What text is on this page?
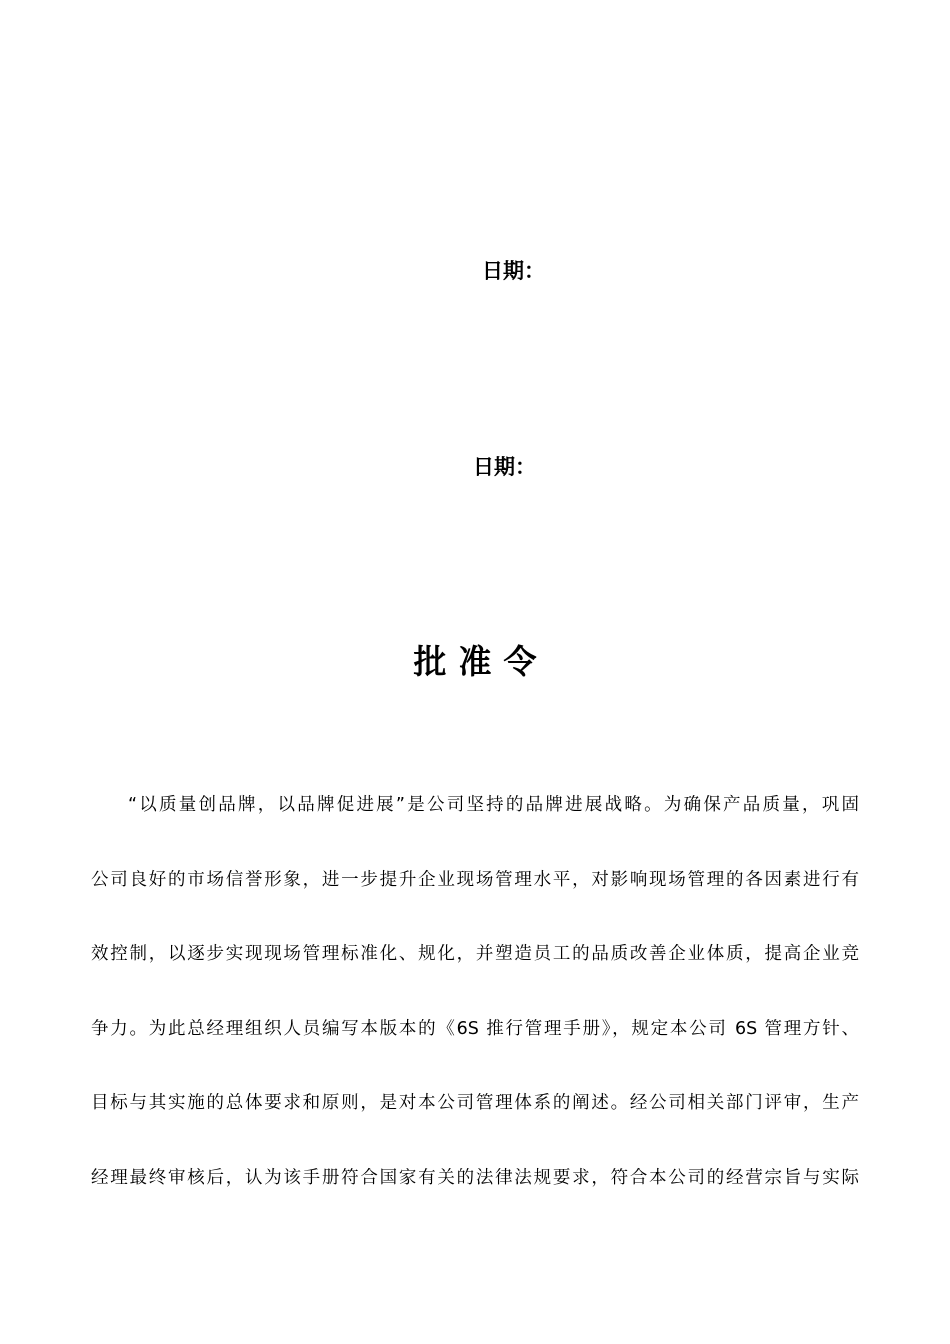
日期：
日期：
批准令
“以质量创品牌，以品牌促进展”是公司坚持的品牌进展战略。为确保产品质量，巩固
公司良好的市场信誉形象，进一步提升企业现场管理水平，对影响现场管理的各因素进行有
效控制，以逐步实现现场管理标准化、规化，并塑造员工的品质改善企业体质，提高企业竞
争力。为此总经理组织人员编写本版本的《6S 推行管理手册》，规定本公司 6S 管理方针、
目标与其实施的总体要求和原则，是对本公司管理体系的阐述。经公司相关部门评审，生产
经理最终审核后，认为该手册符合国家有关的法律法规要求，符合本公司的经营宗旨与实际
